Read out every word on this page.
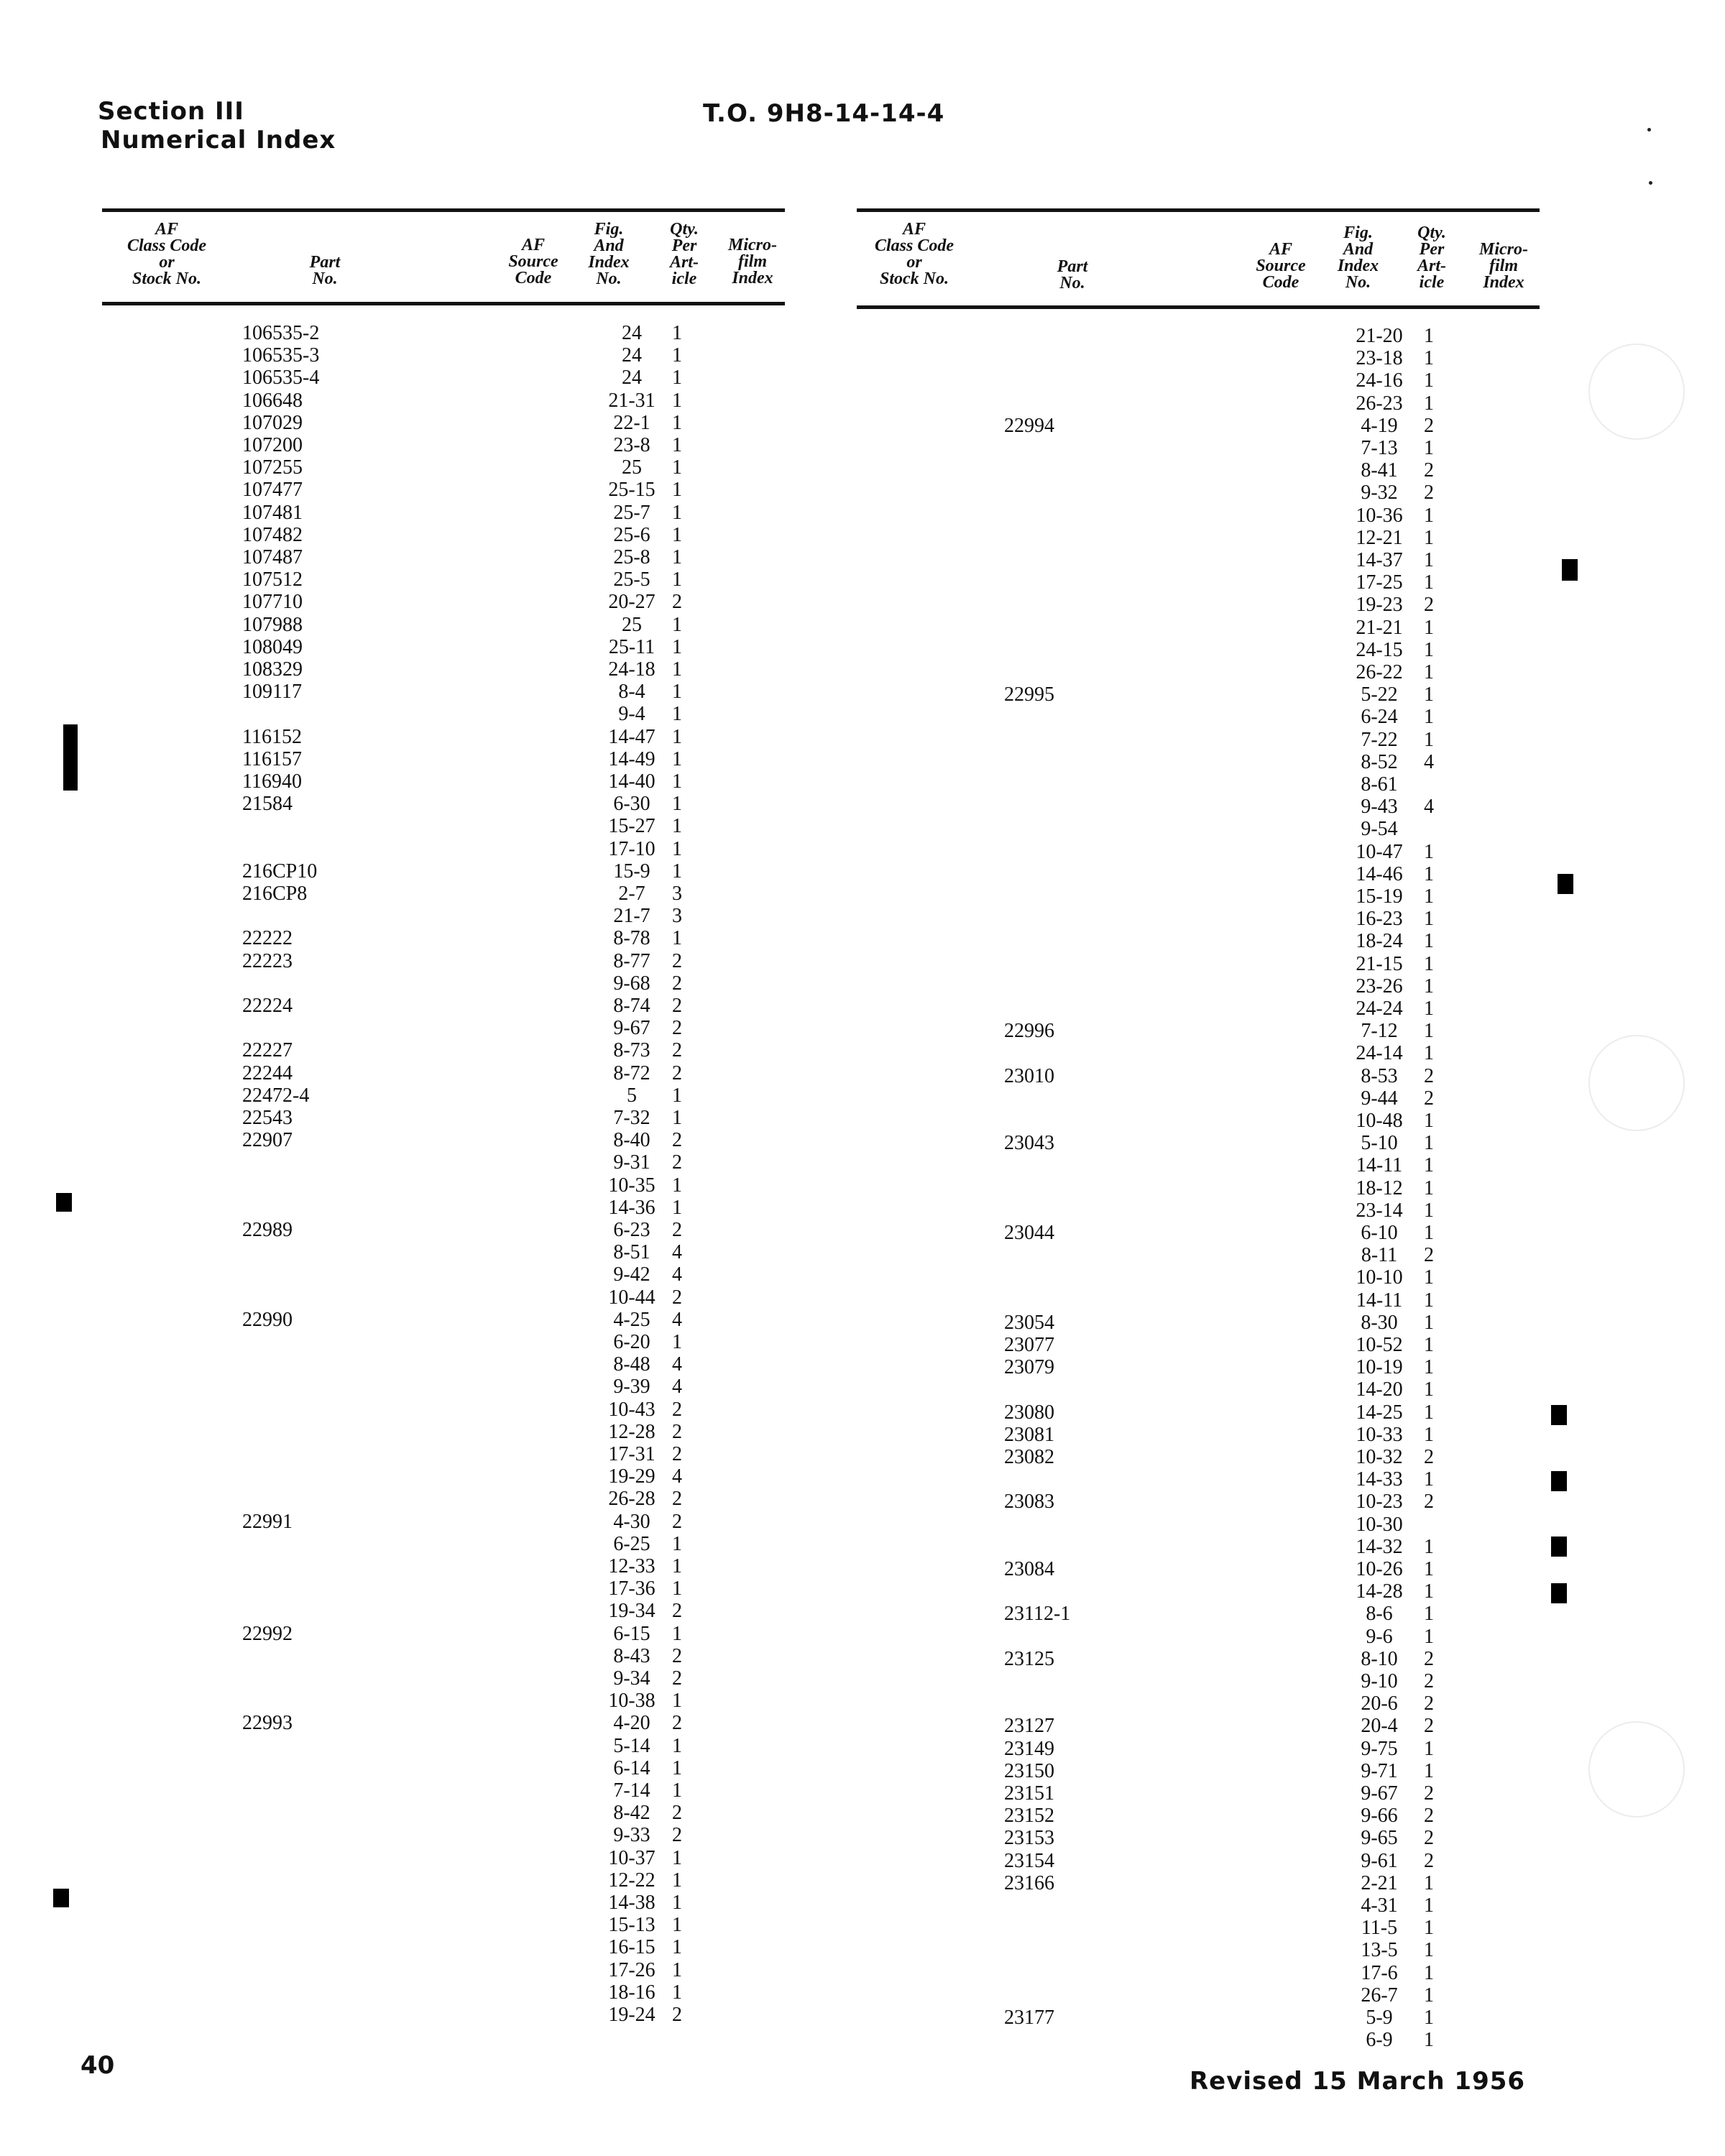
Section III
Numerical Index
T.O. 9H8-14-14-4
AF
Class Code
or
Stock No.
Part
No.
AF
Source
Code
Fig.
And
Index
No.
Qty.
Per
Art-
icle
Micro-
film
Index
106535-2	24	1
106535-3	24	1
106535-4	24	1
106648	21-31 1
107029	22-1	1
107200	23-8	1
107255	25	1
107477	25-15 1
107481	25-7	1
107482	25-6	1
107487	25-8	1
107512	25-5	1
107710	20-27 2
107988	25	1
108049	25-11 1
108329	24-18 1
109117	8-4	1
9-4	1
116152	14-47 1
116157	14-49 1
116940	14-40 1
21584	6-30	1
15-27 1
17-10 1
216CP10	15-9	1
216CP8	2-7	3
21-7	3
22222	8-78	1
22223	8-77	2
9-68	2
22224	8-74	2
9-67	2
22227	8-73	2
22244	8-72	2
22472-4	5	1
22543	7-32	1
22907	8-40	2
9-31	2
10-35 1
14-36 1
22989	6-23	2
8-51	4
9-42	4
10-44 2
22990	4-25	4
6-20	1
8-48	4
9-39	4
10-43 2
12-28 2
17-31 2
19-29 4
26-28 2
22991	4-30	2
6-25	1
12-33 1
17-36 1
19-34 2
22992	6-15	1
8-43	2
9-34	2
10-38 1
22993	4-20	2
5-14	1
6-14	1
7-14	1
8-42	2
9-33	2
10-37 1
12-22 1
14-38 1
15-13 1
16-15 1
17-26 1
18-16 1
19-24 2
AF
Class Code
or
Stock No.
Part
No.
AF
Source
Code
Fig.
And
Index
No.
Qty.
Per
Art-
icle
Micro-
film
Index
21-20	1
23-18	1
24-16	1
26-23	1
22994	4-19	2
7-13	1
8-41	2
9-32	2
10-36	1
12-21	1
14-37	1
17-25	1
19-23	2
21-21	1
24-15	1
26-22	1
22995	5-22	1
6-24	1
7-22	1
8-52	4
8-61
9-43	4
9-54
10-47	1
14-46	1
15-19	1
16-23	1
18-24	1
21-15	1
23-26	1
24-24	1
22996	7-12	1
24-14	1
23010	8-53	2
9-44	2
10-48	1
23043	5-10	1
14-11	1
18-12	1
23-14	1
23044	6-10	1
8-11	2
10-10	1
14-11	1
23054	8-30	1
23077	10-52	1
23079	10-19	1
14-20	1
23080	14-25	1
23081	10-33	1
23082	10-32	2
14-33	1
23083	10-23	2
10-30
14-32	1
23084	10-26	1
14-28	1
23112-1	8-6	1
9-6	1
23125	8-10	2
9-10	2
20-6	2
23127	20-4	2
23149	9-75	1
23150	9-71	1
23151	9-67	2
23152	9-66	2
23153	9-65	2
23154	9-61	2
23166	2-21	1
4-31	1
11-5	1
13-5	1
17-6	1
26-7	1
23177	5-9	1
6-9	1
40
Revised 15 March 1956
